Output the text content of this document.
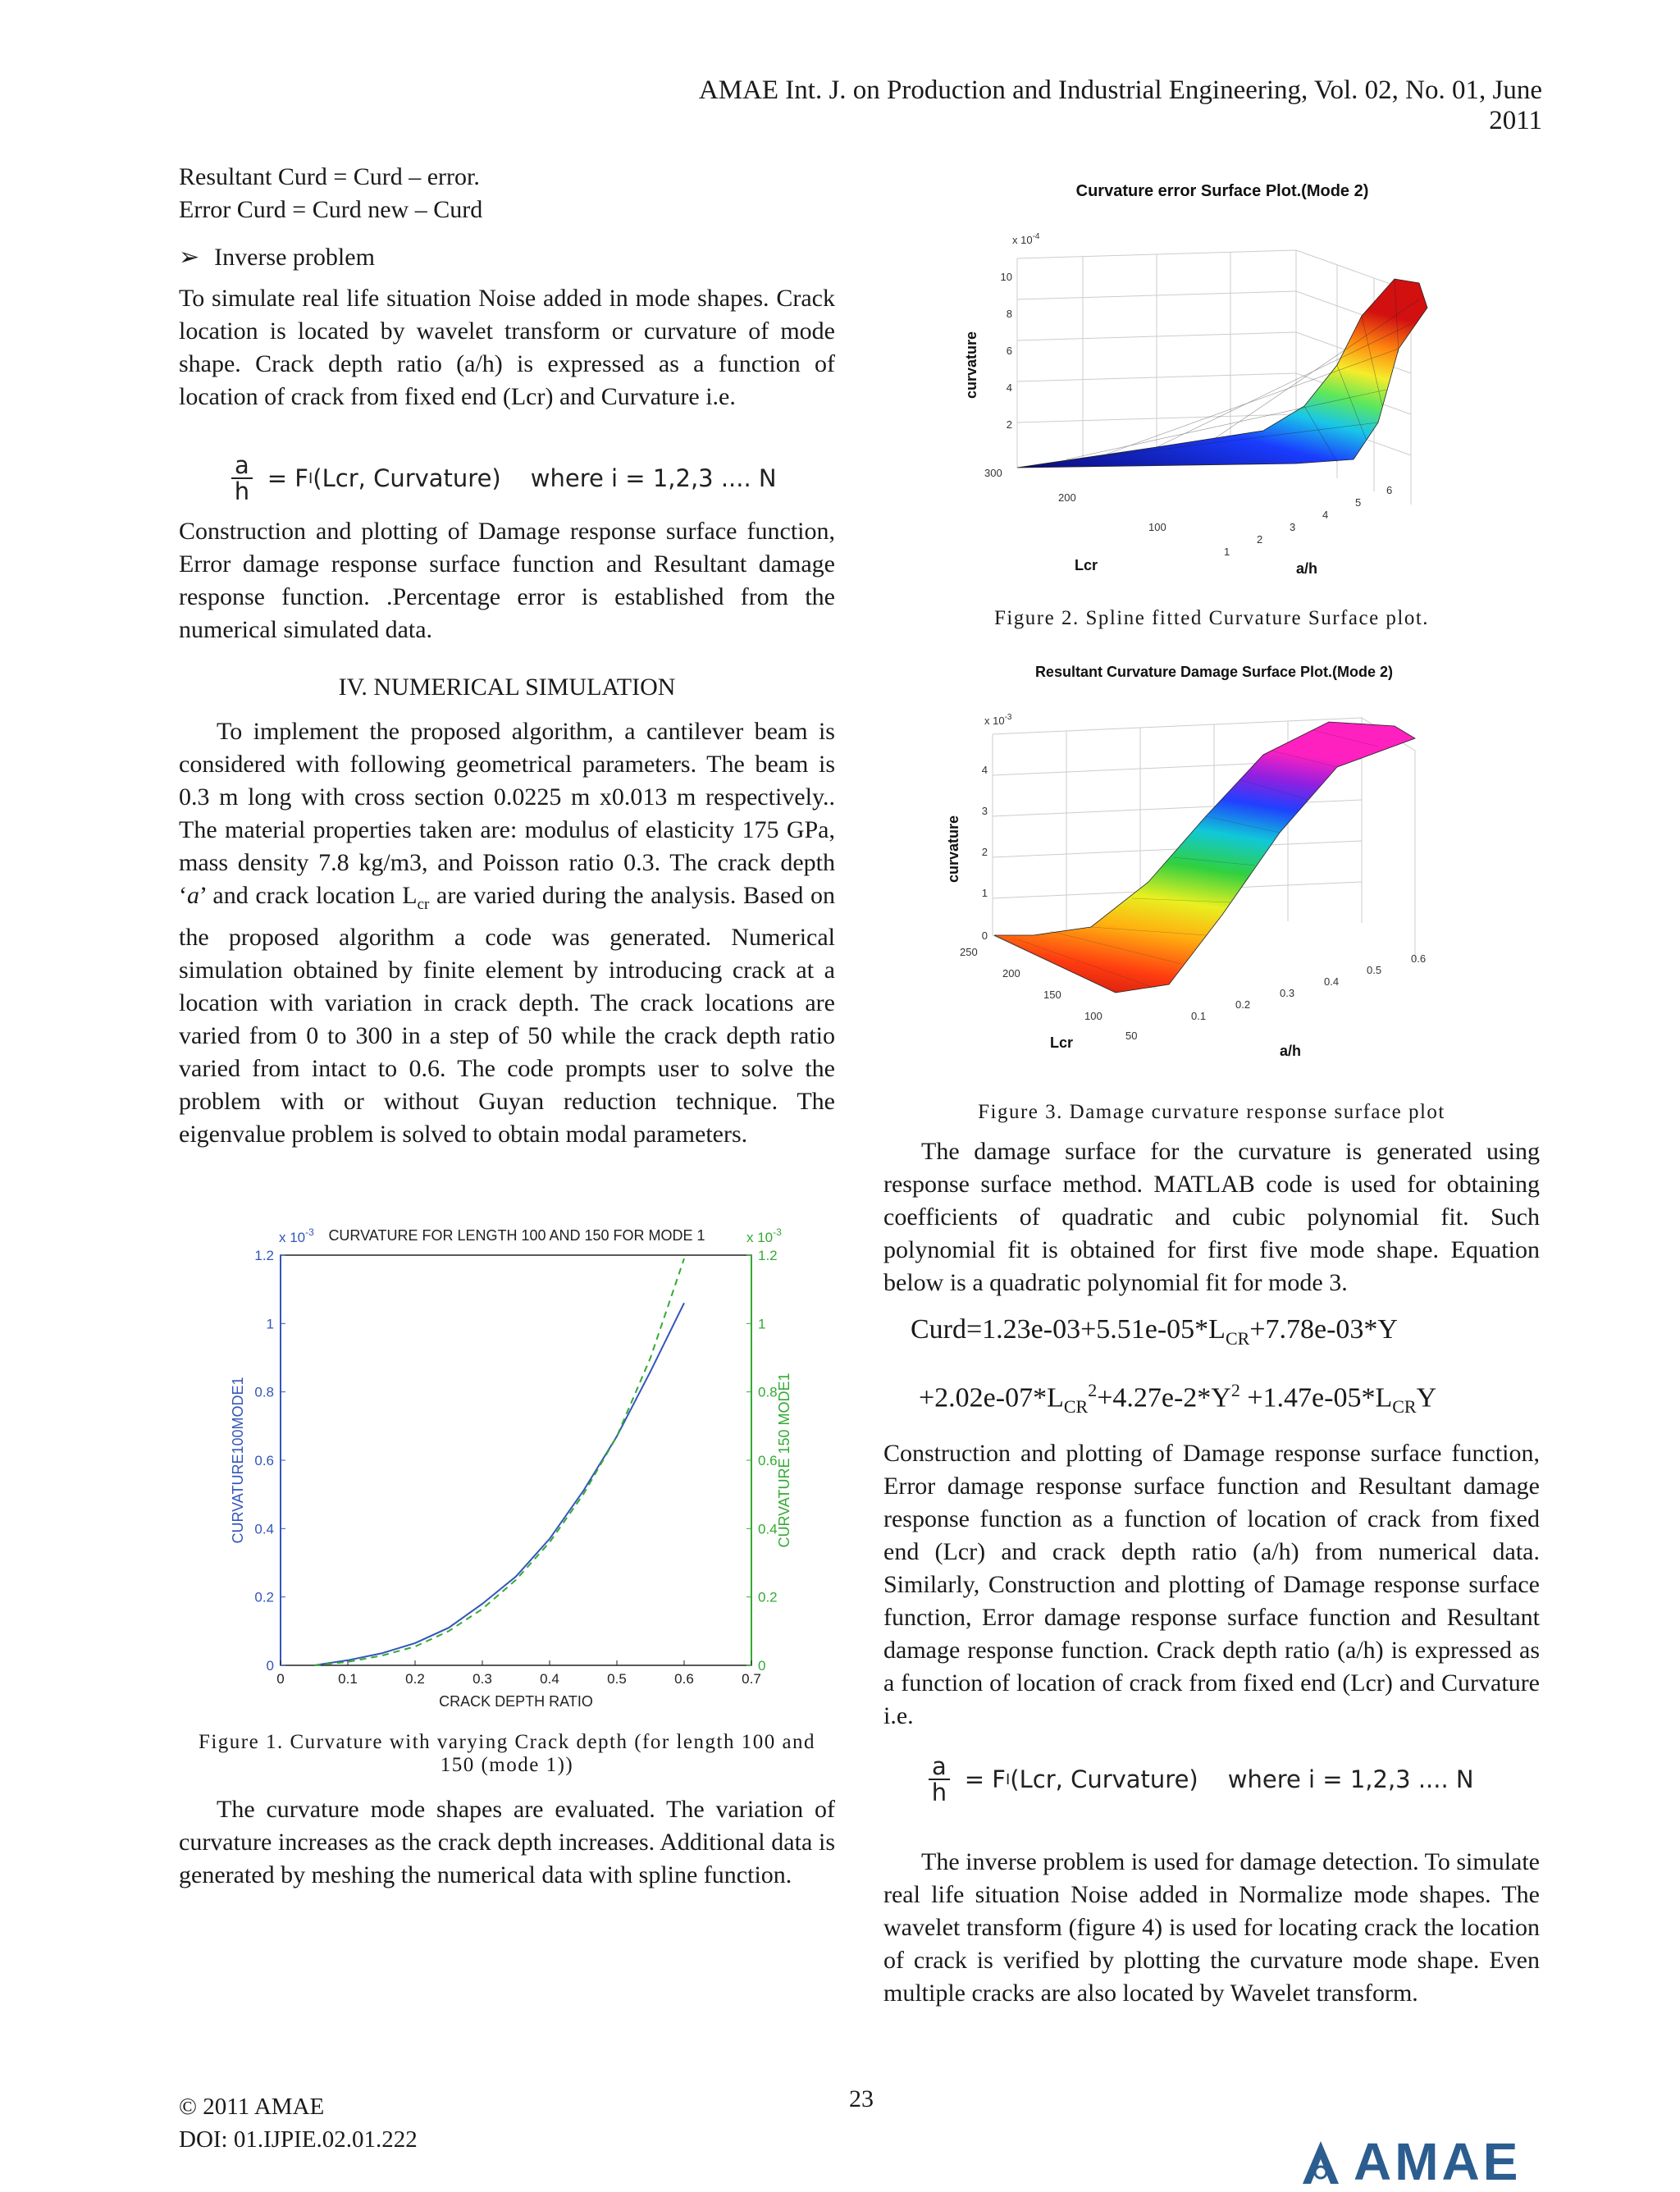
AMAE Int. J. on Production and Industrial Engineering, Vol. 02, No. 01, June 2011

Resultant Curd = Curd – error.

Error Curd = Curd new – Curd

➢ Inverse problem

To simulate real life situation Noise added in mode shapes. Crack location is located by wavelet transform or curvature of mode shape. Crack depth ratio (a/h) is expressed as a function of location of crack from fixed end (Lcr) and Curvature i.e.

$\frac{a}{h} = F$ I (Lcr, Curvature) where i = 1,2,3 .... N

Construction and plotting of Damage response surface function, Error damage response surface function and Resultant damage response function. .Percentage error is established from the numerical simulated data.

IV. NUMERICAL SIMULATION

To implement the proposed algorithm, a cantilever beam is considered with following geometrical parameters. The beam is 0.3 m long with cross section 0.0225 m x0.013 m respectively.. The material properties taken are: modulus of elasticity 175 GPa, mass density 7.8 kg/m3, and Poisson ratio 0.3. The crack depth ‘a’ and crack location $L_{cr}$ are varied during the analysis. Based on the proposed algorithm a code was generated. Numerical simulation obtained by finite element by introducing crack at a location with variation in crack depth. The crack locations are varied from 0 to 300 in a step of 50 while the crack depth ratio varied from intact to 0.6. The code prompts user to solve the problem with or without Guyan reduction technique. The eigenvalue problem is solved to obtain modal parameters.

CURVATURE FOR LENGTH 100 AND 150 FOR MODE 1
x $10^{-3}$	x $10^{-3}$
0	0.1	0.2	0.3	0.4	0.5	0.6	0.7
0
0.2
0.4
0.6
0.8
1
1.2
0
0.2
0.4
0.6
0.8
1
1.2
CRACK DEPTH RATIO
CURVATURE100MODE1	CURVATURE 150 MODE1
Figure 1. Curvature with varying Crack depth (for length 100 and 150 (mode 1))

The curvature mode shapes are evaluated. The variation of curvature increases as the crack depth increases. Additional data is generated by meshing the numerical data with spline function.

Curvature error Surface Plot.(Mode 2)
x $10^{-4}$
2
4
6
8
10
100
200
300
1
2
3
4
5
6
curvature
Lcr	a/h
Figure 2. Spline fitted Curvature Surface plot.
Resultant Curvature Damage Surface Plot.(Mode 2)
x $10^{-3}$
0
1
2
3
4
50
100
150
200
250
0.1
0.2
0.3
0.4
0.5
0.6
curvature
Lcr	a/h
Figure 3. Damage curvature response surface plot

The damage surface for the curvature is generated using response surface method. MATLAB code is used for obtaining coefficients of quadratic and cubic polynomial fit. Such polynomial fit is obtained for first five mode shape. Equation below is a quadratic polynomial fit for mode 3.

$Curd=1.23e-03+5.51e-05*L_{CR}+7.78e-03*Y$
$+2.02e-07*L_{CR}^2+4.27e-2*Y^2 +1.47e-05*L_{CR}Y$

Construction and plotting of Damage response surface function, Error damage response surface function and Resultant damage response function as a function of location of crack from fixed end (Lcr) and crack depth ratio (a/h) from numerical data. Similarly, Construction and plotting of Damage response surface function, Error damage response surface function and Resultant damage response function. Crack depth ratio (a/h) is expressed as a function of location of crack from fixed end (Lcr) and Curvature i.e.

$\frac{a}{h} = F$ I (Lcr, Curvature) where i = 1,2,3 .... N

The inverse problem is used for damage detection. To simulate real life situation Noise added in Normalize mode shapes. The wavelet transform (figure 4) is used for locating crack the location of crack is verified by plotting the curvature mode shape. Even multiple cracks are also located by Wavelet transform.

23
© 2011 AMAE
DOI: 01.IJPIE.02.01.222	AMAE
